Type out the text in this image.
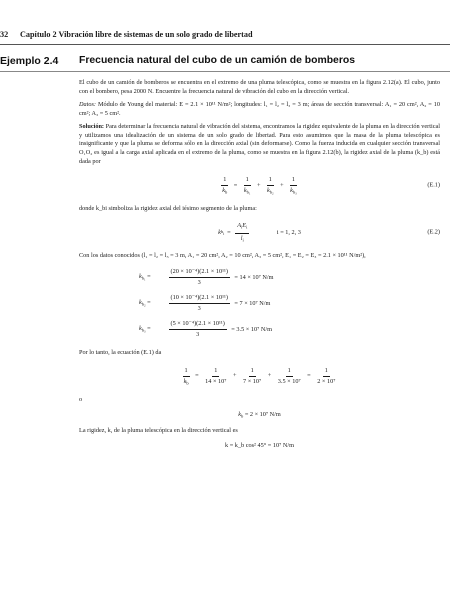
32 Capítulo 2 Vibración libre de sistemas de un solo grado de libertad
Ejemplo 2.4 Frecuencia natural del cubo de un camión de bomberos

El cubo de un camión de bomberos se encuentra en el extremo de una pluma telescópica, como se muestra en la figura 2.12(a). El cubo, junto con el bombero, pesa 2000 N. Encuentre la frecuencia natural de vibración del cubo en la dirección vertical.

Datos: Módulo de Young del material: E = 2.1 × 10¹¹ N/m²; longitudes: l₁ = l₂ = l₃ = 3 m; áreas de sección transversal: A₁ = 20 cm², A₂ = 10 cm²; A₃ = 5 cm².

Solución: Para determinar la frecuencia natural de vibración del sistema, encontramos la rigidez equivalente de la pluma en la dirección vertical y utilizamos una idealización de un sistema de un solo grado de libertad. Para esto asumimos que la masa de la pluma telescópica es insignificante y que la pluma se deforma sólo en la dirección axial (sin deformarse). Como la fuerza inducida en cualquier sección transversal O₁O₂ es igual a la carga axial aplicada en el extremo de la pluma, como se muestra en la figura 2.12(b), la rigidez axial de la pluma (k_b) está dada por

$\frac{1}{k_b} = \frac{1}{k_{b_1}} + \frac{1}{k_{b_2}} + \frac{1}{k_{b_3}}$	(E.1)

donde k_bi simboliza la rigidez axial del iésimo segmento de la pluma:

k $b_i = \frac{A_iE_i}{l_i}$	i = 1, 2, 3	(E.2)

Con los datos conocidos (l₁ = l₂ = l₃ = 3 m, A₁ = 20 cm², A₂ = 10 cm², A₃ = 5 cm², E₁ = E₂ = E₃ = 2.1 × 10¹¹ N/m²),

$k_{b_1}$ =	$\frac{\text{(20 × 10⁻⁴)(2.1 × 10¹¹)}}{3} = 14 \times 10^7$ N/m
$k_{b_2}$ =	$\frac{\text{(10 × 10⁻⁴)(2.1 × 10¹¹)}}{3} = 7 \times 10^7$ N/m
$k_{b_3}$ =	$\frac{\text{(5 × 10⁻⁴)(2.1 × 10¹¹)}}{3} = 3.5 \times 10^7$ N/m

Por lo tanto, la ecuación (E.1) da

$\frac{1}{k_b} = \frac{1}{\text{14 × 10⁷}} + \frac{1}{\text{7 × 10⁷}} + \frac{1}{\text{3.5 × 10⁷}} = \frac{1}{\text{2 × 10⁷}}$

o

$k_b = 2 \times 10^7$ N/m

La rigidez, k, de la pluma telescópica en la dirección vertical es

k = k_b cos² 45° = 10⁷ N/m
